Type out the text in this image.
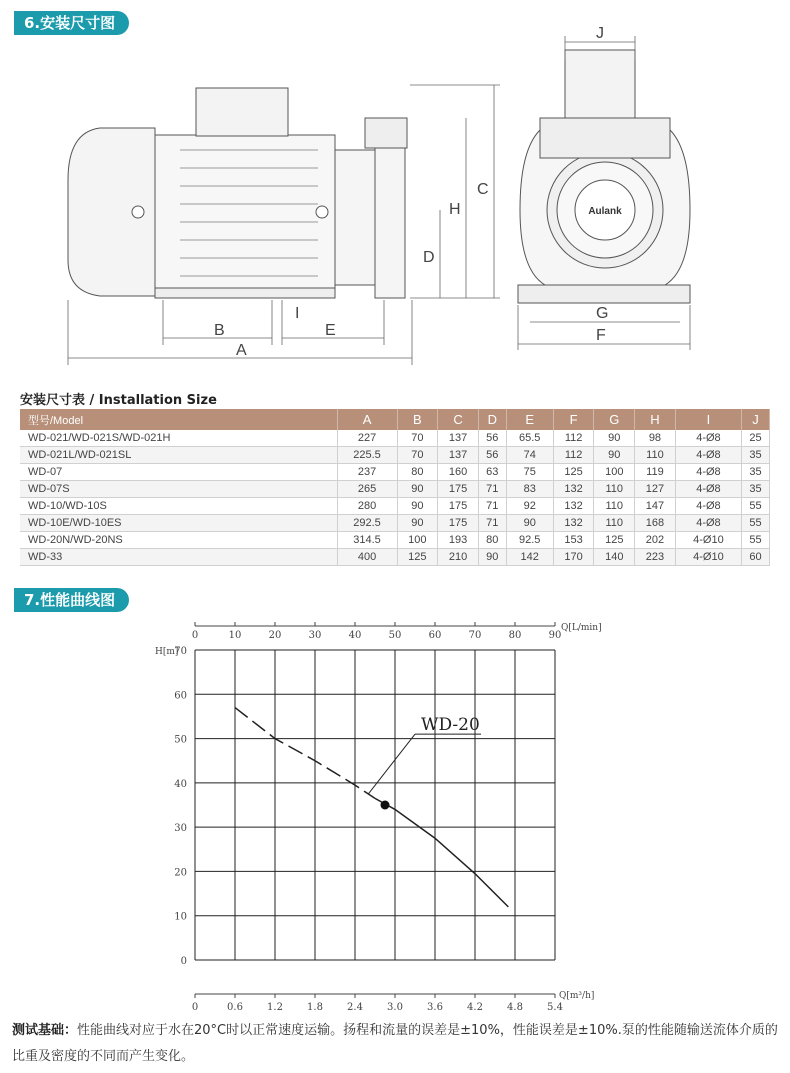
6.安装尺寸图
A
B
I
E
D
H
C
J
G
F
Aulank
安装尺寸表 / Installation Size
型号/Model	A	B	C	D	E	F	G	H	I	J
WD-021/WD-021S/WD-021H	227	70	137	56	65.5	112	90	98	4-Ø8	25
WD-021L/WD-021SL	225.5	70	137	56	74	112	90	110	4-Ø8	35
WD-07	237	80	160	63	75	125	100	119	4-Ø8	35
WD-07S	265	90	175	71	83	132	110	127	4-Ø8	35
WD-10/WD-10S	280	90	175	71	92	132	110	147	4-Ø8	55
WD-10E/WD-10ES	292.5	90	175	71	90	132	110	168	4-Ø8	55
WD-20N/WD-20NS	314.5	100	193	80	92.5	153	125	202	4-Ø10	55
WD-33	400	125	210	90	142	170	140	223	4-Ø10	60
7.性能曲线图
0	0.6 1.2 1.8 2.4 3.0 3.6 4.2 4.8 5.4
0
10
20
30
40
50
60
70
0	10	20	30	40	50	60	70	80	90
Q[L/min]
Q[m³/h]
H[m]
WD-20
测试基础：性能曲线对应于水在20°C时以正常速度运输。扬程和流量的误差是±10%，性能误差是±10%.泵的性能随输送流体介质的比重及密度的不同而产生变化。
